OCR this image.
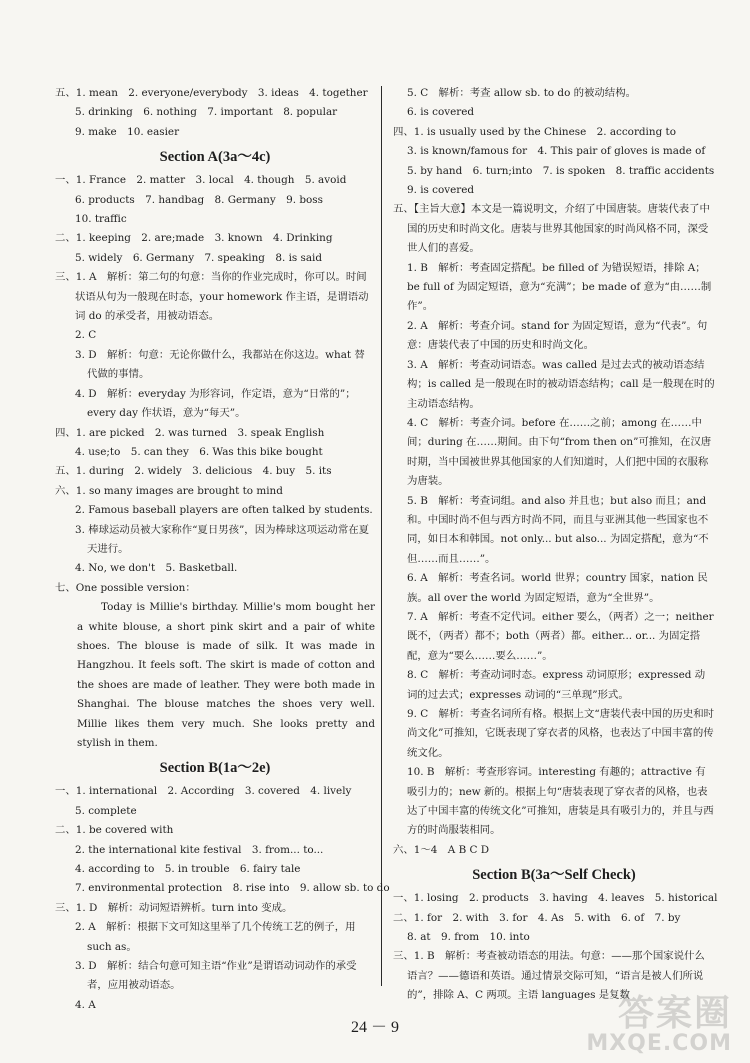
五、1. mean　2. everyone/everybody　3. ideas　4. together
5. drinking　6. nothing　7. important　8. popular
9. make　10. easier
Section A(3a～4c)
一、1. France　2. matter　3. local　4. though　5. avoid
6. products　7. handbag　8. Germany　9. boss
10. traffic
二、1. keeping　2. are;made　3. known　4. Drinking
5. widely　6. Germany　7. speaking　8. is said
三、1. A　解析：第二句的句意：当你的作业完成时，你可以。时间状语从句为一般现在时态，your homework 作主语，是谓语动词 do 的承受者，用被动语态。
2. C
3. D　解析：句意：无论你做什么，我都站在你这边。what 替代做的事情。
4. D　解析：everyday 为形容词，作定语，意为“日常的”；every day 作状语，意为“每天”。
四、1. are picked　2. was turned　3. speak English
4. use;to　5. can they　6. Was this bike bought
五、1. during　2. widely　3. delicious　4. buy　5. its
六、1. so many images are brought to mind
2. Famous baseball players are often talked by students.
3. 棒球运动员被大家称作“夏日男孩”，因为棒球这项运动常在夏天进行。
4. No, we don't　5. Basketball.
七、One possible version：
Today is Millie's birthday. Millie's mom bought her a white blouse, a short pink skirt and a pair of white shoes. The blouse is made of silk. It was made in Hangzhou. It feels soft. The skirt is made of cotton and the shoes are made of leather. They were both made in Shanghai. The blouse matches the shoes very well. Millie likes them very much. She looks pretty and stylish in them.
Section B(1a～2e)
一、1. international　2. According　3. covered　4. lively
5. complete
二、1. be covered with
2. the international kite festival　3. from... to...
4. according to　5. in trouble　6. fairy tale
7. environmental protection　8. rise into　9. allow sb. to do
三、1. D　解析：动词短语辨析。turn into 变成。
2. A　解析：根据下文可知这里举了几个传统工艺的例子，用 such as。
3. D　解析：结合句意可知主语“作业”是谓语动词动作的承受者，应用被动语态。
4. A
5. C　解析：考查 allow sb. to do 的被动结构。
6. is covered
四、1. is usually used by the Chinese　2. according to
3. is known/famous for　4. This pair of gloves is made of
5. by hand　6. turn;into　7. is spoken　8. traffic accidents
9. is covered
五、【主旨大意】本文是一篇说明文，介绍了中国唐装。唐装代表了中国的历史和时尚文化。唐装与世界其他国家的时尚风格不同，深受世人们的喜爱。
1. B　解析：考查固定搭配。be filled of 为错误短语，排除 A；be full of 为固定短语，意为“充满”；be made of 意为“由……制作”。
2. A　解析：考查介词。stand for 为固定短语，意为“代表”。句意：唐装代表了中国的历史和时尚文化。
3. A　解析：考查动词语态。was called 是过去式的被动语态结构；is called 是一般现在时的被动语态结构；call 是一般现在时的主动语态结构。
4. C　解析：考查介词。before 在……之前；among 在……中间；during 在……期间。由下句“from then on”可推知，在汉唐时期，当中国被世界其他国家的人们知道时，人们把中国的衣服称为唐装。
5. B　解析：考查词组。and also 并且也；but also 而且；and 和。中国时尚不但与西方时尚不同，而且与亚洲其他一些国家也不同，如日本和韩国。not only... but also... 为固定搭配，意为“不但……而且……”。
6. A　解析：考查名词。world 世界；country 国家，nation 民族。all over the world 为固定短语，意为“全世界”。
7. A　解析：考查不定代词。either 要么，（两者）之一；neither 既不，（两者）都不；both（两者）都。either... or... 为固定搭配，意为“要么……要么……”。
8. C　解析：考查动词时态。express 动词原形；expressed 动词的过去式；expresses 动词的“三单现”形式。
9. C　解析：考查名词所有格。根据上文“唐装代表中国的历史和时尚文化”可推知，它既表现了穿衣者的风格，也表达了中国丰富的传统文化。
10. B　解析：考查形容词。interesting 有趣的；attractive 有吸引力的；new 新的。根据上句“唐装表现了穿衣者的风格，也表达了中国丰富的传统文化”可推知，唐装是具有吸引力的，并且与西方的时尚服装相同。
六、1～4　A B C D
Section B(3a～Self Check)
一、1. losing　2. products　3. having　4. leaves　5. historical
二、1. for　2. with　3. for　4. As　5. with　6. of　7. by
8. at　9. from　10. into
三、1. B　解析：考查被动语态的用法。句意：——那个国家说什么语言？——德语和英语。通过情景交际可知，“语言是被人们所说的”，排除 A、C 两项。主语 languages 是复数
24 － 9	答案圈
MXQE.COM
